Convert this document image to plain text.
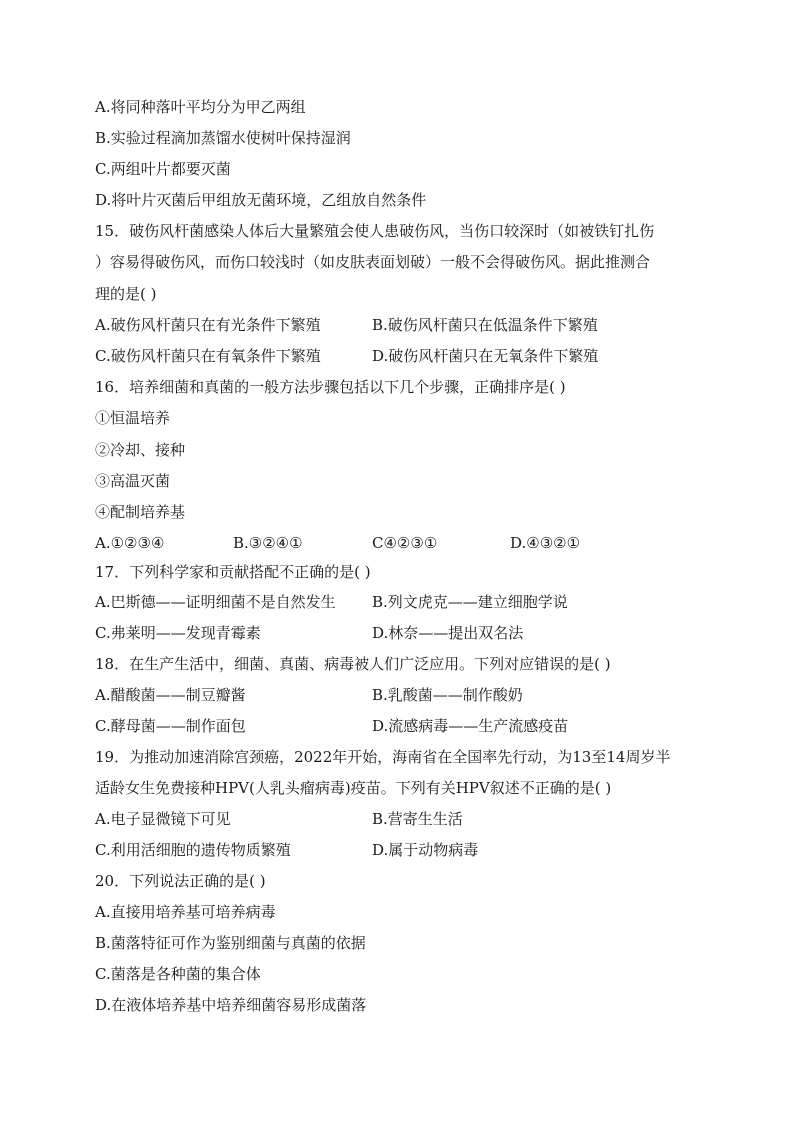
A.将同种落叶平均分为甲乙两组
B.实验过程滴加蒸馏水使树叶保持湿润
C.两组叶片都要灭菌
D.将叶片灭菌后甲组放无菌环境，乙组放自然条件
15．破伤风杆菌感染人体后大量繁殖会使人患破伤风，当伤口较深时（如被铁钉扎伤
）容易得破伤风，而伤口较浅时（如皮肤表面划破）一般不会得破伤风。据此推测合
理的是( )
A.破伤风杆菌只在有光条件下繁殖	B.破伤风杆菌只在低温条件下繁殖
C.破伤风杆菌只在有氧条件下繁殖	D.破伤风杆菌只在无氧条件下繁殖
16．培养细菌和真菌的一般方法步骤包括以下几个步骤，正确排序是( )
①恒温培养
②冷却、接种
③高温灭菌
④配制培养基
A.①②③④	B.③②④①	C④②③①	D.④③②①
17．下列科学家和贡献搭配不正确的是( )
A.巴斯德——证明细菌不是自然发生 B.列文虎克——建立细胞学说
C.弗莱明——发现青霉素	D.林奈——提出双名法
18．在生产生活中，细菌、真菌、病毒被人们广泛应用。下列对应错误的是( )
A.醋酸菌——制豆瓣酱	B.乳酸菌——制作酸奶
C.酵母菌——制作面包	D.流感病毒——生产流感疫苗
19．为推动加速消除宫颈癌，2022年开始，海南省在全国率先行动，为13至14周岁半
适龄女生免费接种HPV(人乳头瘤病毒)疫苗。下列有关HPV叙述不正确的是( )
A.电子显微镜下可见	B.营寄生生活
C.利用活细胞的遗传物质繁殖	D.属于动物病毒
20．下列说法正确的是( )
A.直接用培养基可培养病毒
B.菌落特征可作为鉴别细菌与真菌的依据
C.菌落是各种菌的集合体
D.在液体培养基中培养细菌容易形成菌落
